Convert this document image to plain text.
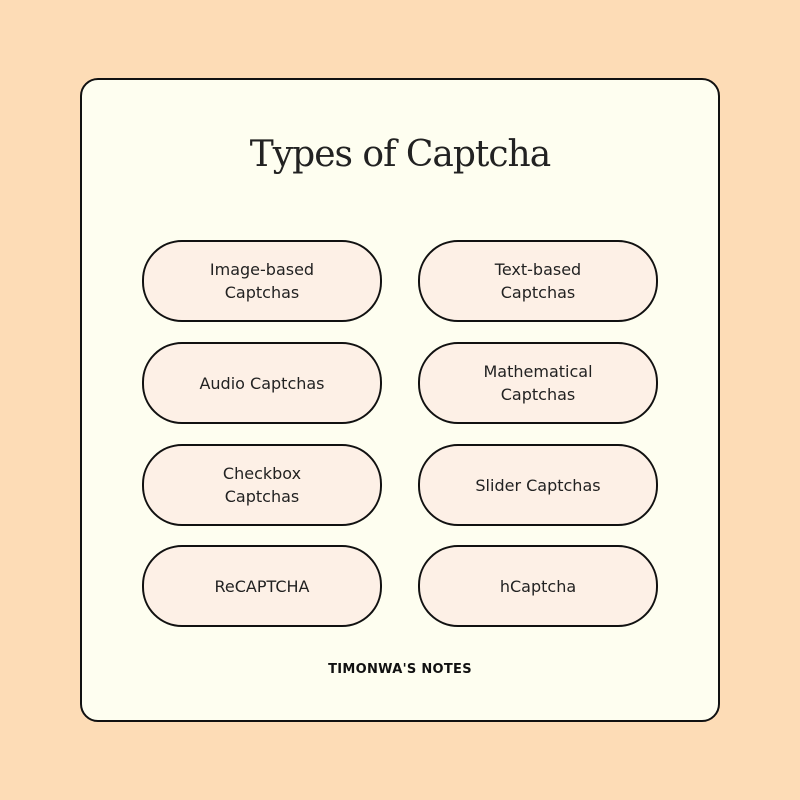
Types of Captcha
Image-based Captchas
Text-based Captchas
Audio Captchas
Mathematical Captchas
Checkbox Captchas
Slider Captchas
ReCAPTCHA	hCaptcha
TIMONWA'S NOTES
